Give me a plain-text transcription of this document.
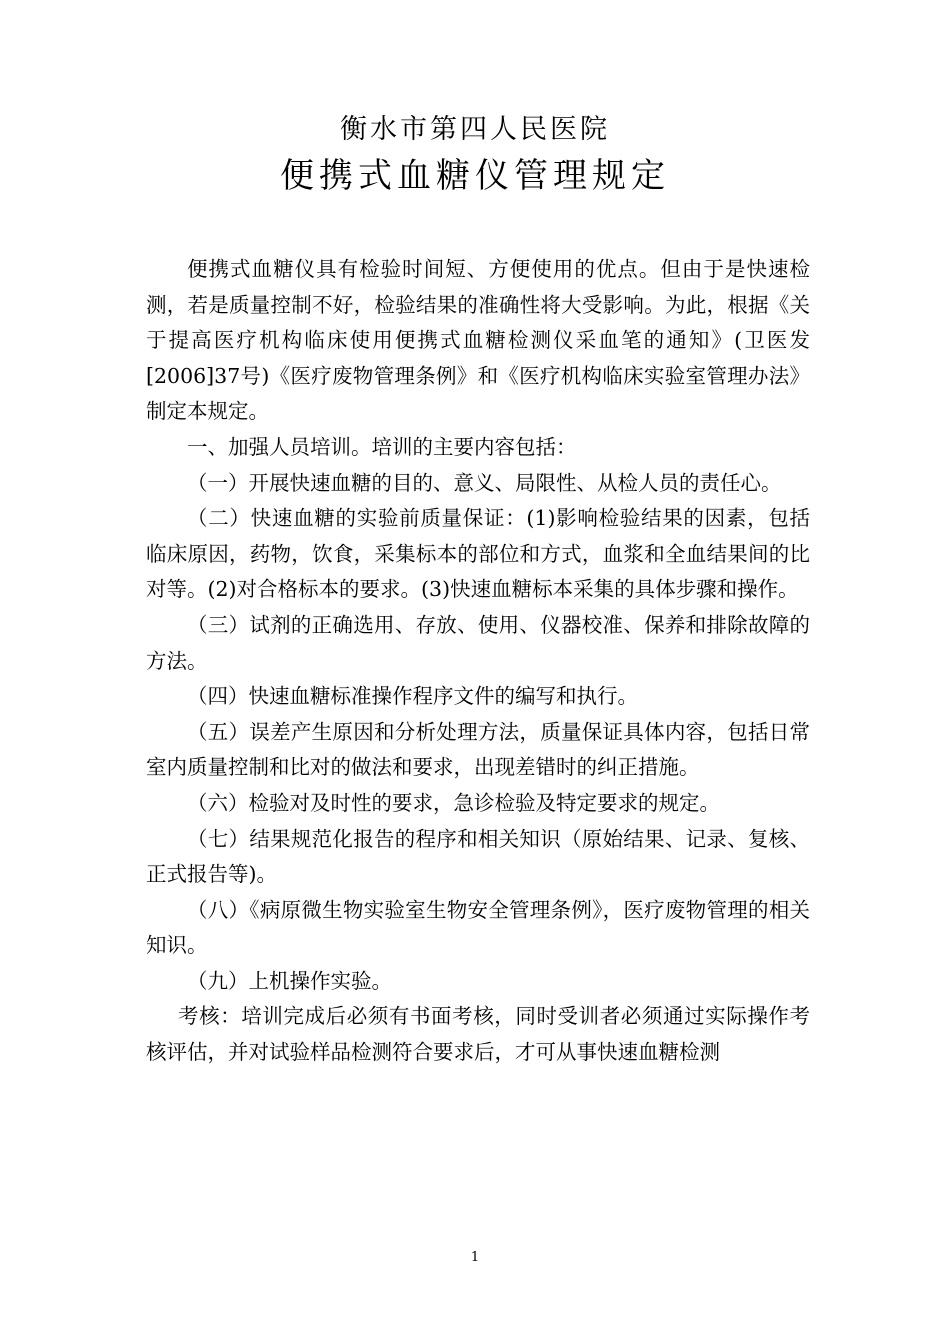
衡水市第四人民医院
便携式血糖仪管理规定

便携式血糖仪具有检验时间短、方便使用的优点。但由于是快速检测，若是质量控制不好，检验结果的准确性将大受影响。为此，根据《关于提高医疗机构临床使用便携式血糖检测仪采血笔的通知》(卫医发[2006]37号)《医疗废物管理条例》和《医疗机构临床实验室管理办法》制定本规定。

一、加强人员培训。培训的主要内容包括：

（一）开展快速血糖的目的、意义、局限性、从检人员的责任心。

（二）快速血糖的实验前质量保证：(1)影响检验结果的因素，包括临床原因，药物，饮食，采集标本的部位和方式，血浆和全血结果间的比对等。(2)对合格标本的要求。(3)快速血糖标本采集的具体步骤和操作。

（三）试剂的正确选用、存放、使用、仪器校准、保养和排除故障的方法。

（四）快速血糖标准操作程序文件的编写和执行。

（五）误差产生原因和分析处理方法，质量保证具体内容，包括日常室内质量控制和比对的做法和要求，出现差错时的纠正措施。

（六）检验对及时性的要求，急诊检验及特定要求的规定。

（七）结果规范化报告的程序和相关知识（原始结果、记录、复核、正式报告等)。

（八）《病原微生物实验室生物安全管理条例》，医疗废物管理的相关知识。

（九）上机操作实验。

考核：培训完成后必须有书面考核，同时受训者必须通过实际操作考核评估，并对试验样品检测符合要求后，才可从事快速血糖检测

1
